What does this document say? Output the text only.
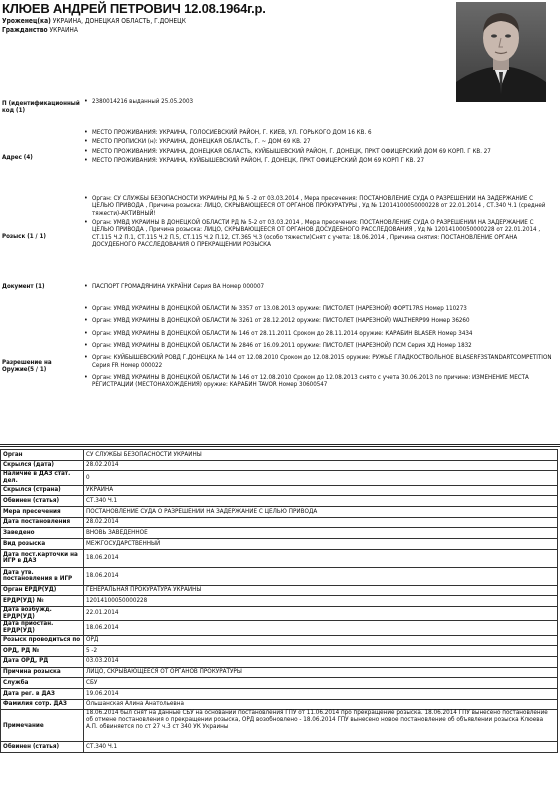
КЛЮЕВ АНДРЕЙ ПЕТРОВИЧ 12.08.1964г.р.
Уроженец(ка) УКРАИНА, ДОНЕЦКАЯ ОБЛАСТЬ, Г.ДОНЕЦК
Гражданство УКРАИНА
П (идентификационный код (1)
• 2380014216 выданный 25.05.2003
Адрес (4)
• МЕСТО ПРОЖИВАНИЯ: УКРАИНА, ГОЛОСИЕВСКИЙ РАЙОН, Г. КИЕВ, УЛ. ГОРЬКОГО ДОМ 16 КВ. 6
• МЕСТО ПРОПИСКИ (н): УКРАИНА, ДОНЕЦКАЯ ОБЛАСТЬ, Г. ~ ДОМ 69 КВ. 27
• МЕСТО ПРОЖИВАНИЯ: УКРАИНА, ДОНЕЦКАЯ ОБЛАСТЬ, КУЙБЫШЕВСКИЙ РАЙОН, Г. ДОНЕЦК, ПРКТ ОФИЦЕРСКИЙ ДОМ 69 КОРП. Г КВ. 27
• МЕСТО ПРОЖИВАНИЯ: УКРАИНА, КУЙБЫШЕВСКИЙ РАЙОН, Г. ДОНЕЦК, ПРКТ ОФИЦЕРСКИЙ ДОМ 69 КОРП Г КВ. 27
Розыск (1 / 1)
• Орган: СУ СЛУЖБЫ БЕЗОПАСНОСТИ УКРАИНЫ РД № 5 -2 от 03.03.2014 , Мера пресечения: ПОСТАНОВЛЕНИЕ СУДА О РАЗРЕШЕНИИ НА ЗАДЕРЖАНИЕ С ЦЕЛЬЮ ПРИВОДА , Причина розыска: ЛИЦО, СКРЫВАЮЩЕЕСЯ ОТ ОРГАНОВ ПРОКУРАТУРЫ , Уд № 12014100050000228 от 22.01.2014 , СТ.340 Ч.1 (средней тяжести)-АКТИВНЫЙ!
• Орган: УМВД УКРАИНЫ В ДОНЕЦКОЙ ОБЛАСТИ РД № 5-2 от 03.03.2014 , Мера пресечения: ПОСТАНОВЛЕНИЕ СУДА О РАЗРЕШЕНИИ НА ЗАДЕРЖАНИЕ С ЦЕЛЬЮ ПРИВОДА , Причина розыска: ЛИЦО, СКРЫВАЮЩЕЕСЯ ОТ ОРГАНОВ ДОСУДЕБНОГО РАССЛЕДОВАНИЯ , Уд № 12014100050000228 от 22.01.2014 , СТ.115 Ч.2 П.1, СТ.115 Ч.2 П.5, СТ.115 Ч.2 П.12, СТ.365 Ч.3 (особо тяжести)Снят с учета: 18.06.2014 , Причина снятия: ПОСТАНОВЛЕНИЕ ОРГАНА ДОСУДЕБНОГО РАССЛЕДОВАНИЯ О ПРЕКРАЩЕНИИ РОЗЫСКА
Документ (1)	• ПАСПОРТ ГРОМАДЯНИНА УКРАЇНИ Серия ВА Номер 000007
Разрешение на Оружие(5 / 1)
• Орган: УМВД УКРАИНЫ В ДОНЕЦКОЙ ОБЛАСТИ № 3357 от 13.08.2013 оружие: ПИСТОЛЕТ (НАРЕЗНОЙ) ФОРТ17RS Номер 110273
• Орган: УМВД УКРАИНЫ В ДОНЕЦКОЙ ОБЛАСТИ № 3261 от 28.12.2012 оружие: ПИСТОЛЕТ (НАРЕЗНОЙ) WALTHERP99 Номер 36260
• Орган: УМВД УКРАИНЫ В ДОНЕЦКОЙ ОБЛАСТИ № 146 от 28.11.2011 Сроком до 28.11.2014 оружие: КАРАБИН BLASER Номер 3434
• Орган: УМВД УКРАИНЫ В ДОНЕЦКОЙ ОБЛАСТИ № 2846 от 16.09.2011 оружие: ПИСТОЛЕТ (НАРЕЗНОЙ) ПСМ Серия ХД Номер 1832
• Орган: КУЙБЫШЕВСКИЙ РОВД Г.ДОНЕЦКА № 144 от 12.08.2010 Сроком до 12.08.2015 оружие: РУЖЬЕ ГЛАДКОСТВОЛЬНОЕ BLASERF3STANDARTCOMPETITION Серия FR Номер 000022
• Орган: УМВД УКРАИНЫ В ДОНЕЦКОЙ ОБЛАСТИ № 146 от 12.08.2010 Сроком до 12.08.2013 снято с учета 30.06.2013 по причине: ИЗМЕНЕНИЕ МЕСТА РЕГИСТРАЦИИ (МЕСТОНАХОЖДЕНИЯ) оружие: КАРАБИН TAVOR Номер 30600547
Орган	СУ СЛУЖБЫ БЕЗОПАСНОСТИ УКРАИНЫ
Скрылся (дата)	28.02.2014
Наличие в ДАЗ стат. дел.	0
Скрылся (страна)	УКРАИНА
Обвинен (статья)	СТ.340 Ч.1
Мера пресечения	ПОСТАНОВЛЕНИЕ СУДА О РАЗРЕШЕНИИ НА ЗАДЕРЖАНИЕ С ЦЕЛЬЮ ПРИВОДА
Дата постановления	28.02.2014
Заведено	ВНОВЬ ЗАВЕДЕННОЕ
Вид розыска	МЕЖГОСУДАРСТВЕННЫЙ
Дата пост.карточки на ИГР в ДАЗ	18.06.2014
Дата утв. постановления в ИГР	18.06.2014
Орган ЕРДР(УД)	ГЕНЕРАЛЬНАЯ ПРОКУРАТУРА УКРАИНЫ
ЕРДР(УД) №	12014100050000228
Дата возбужд. ЕРДР(УД)	22.01.2014
Дата приостан. ЕРДР(УД)	18.06.2014
Розыск проводиться по	ОРД
ОРД, РД №	5 -2
Дата ОРД, РД	03.03.2014
Причина розыска	ЛИЦО, СКРЫВАЮЩЕЕСЯ ОТ ОРГАНОВ ПРОКУРАТУРЫ
Служба	СБУ
Дата рег. в ДАЗ	19.06.2014
Фамилия сотр. ДАЗ	Ольшанская Алина Анатольевна
Примечание	18.06.2014 был снят на данные СБУ на основании постановления ГПУ от 11.06.2014 про прекращение розыска. 18.06.2014 ГПУ вынесено постановление об отмене постановления о прекращении розыска, ОРД возобновлено - 18.06.2014 ГПУ вынесено новое постановление об объявлении розыска Клюева А.П. обвиняется по ст 27 ч.3 ст 340 УК Украины
Обвинен (статья)	СТ.340 Ч.1
